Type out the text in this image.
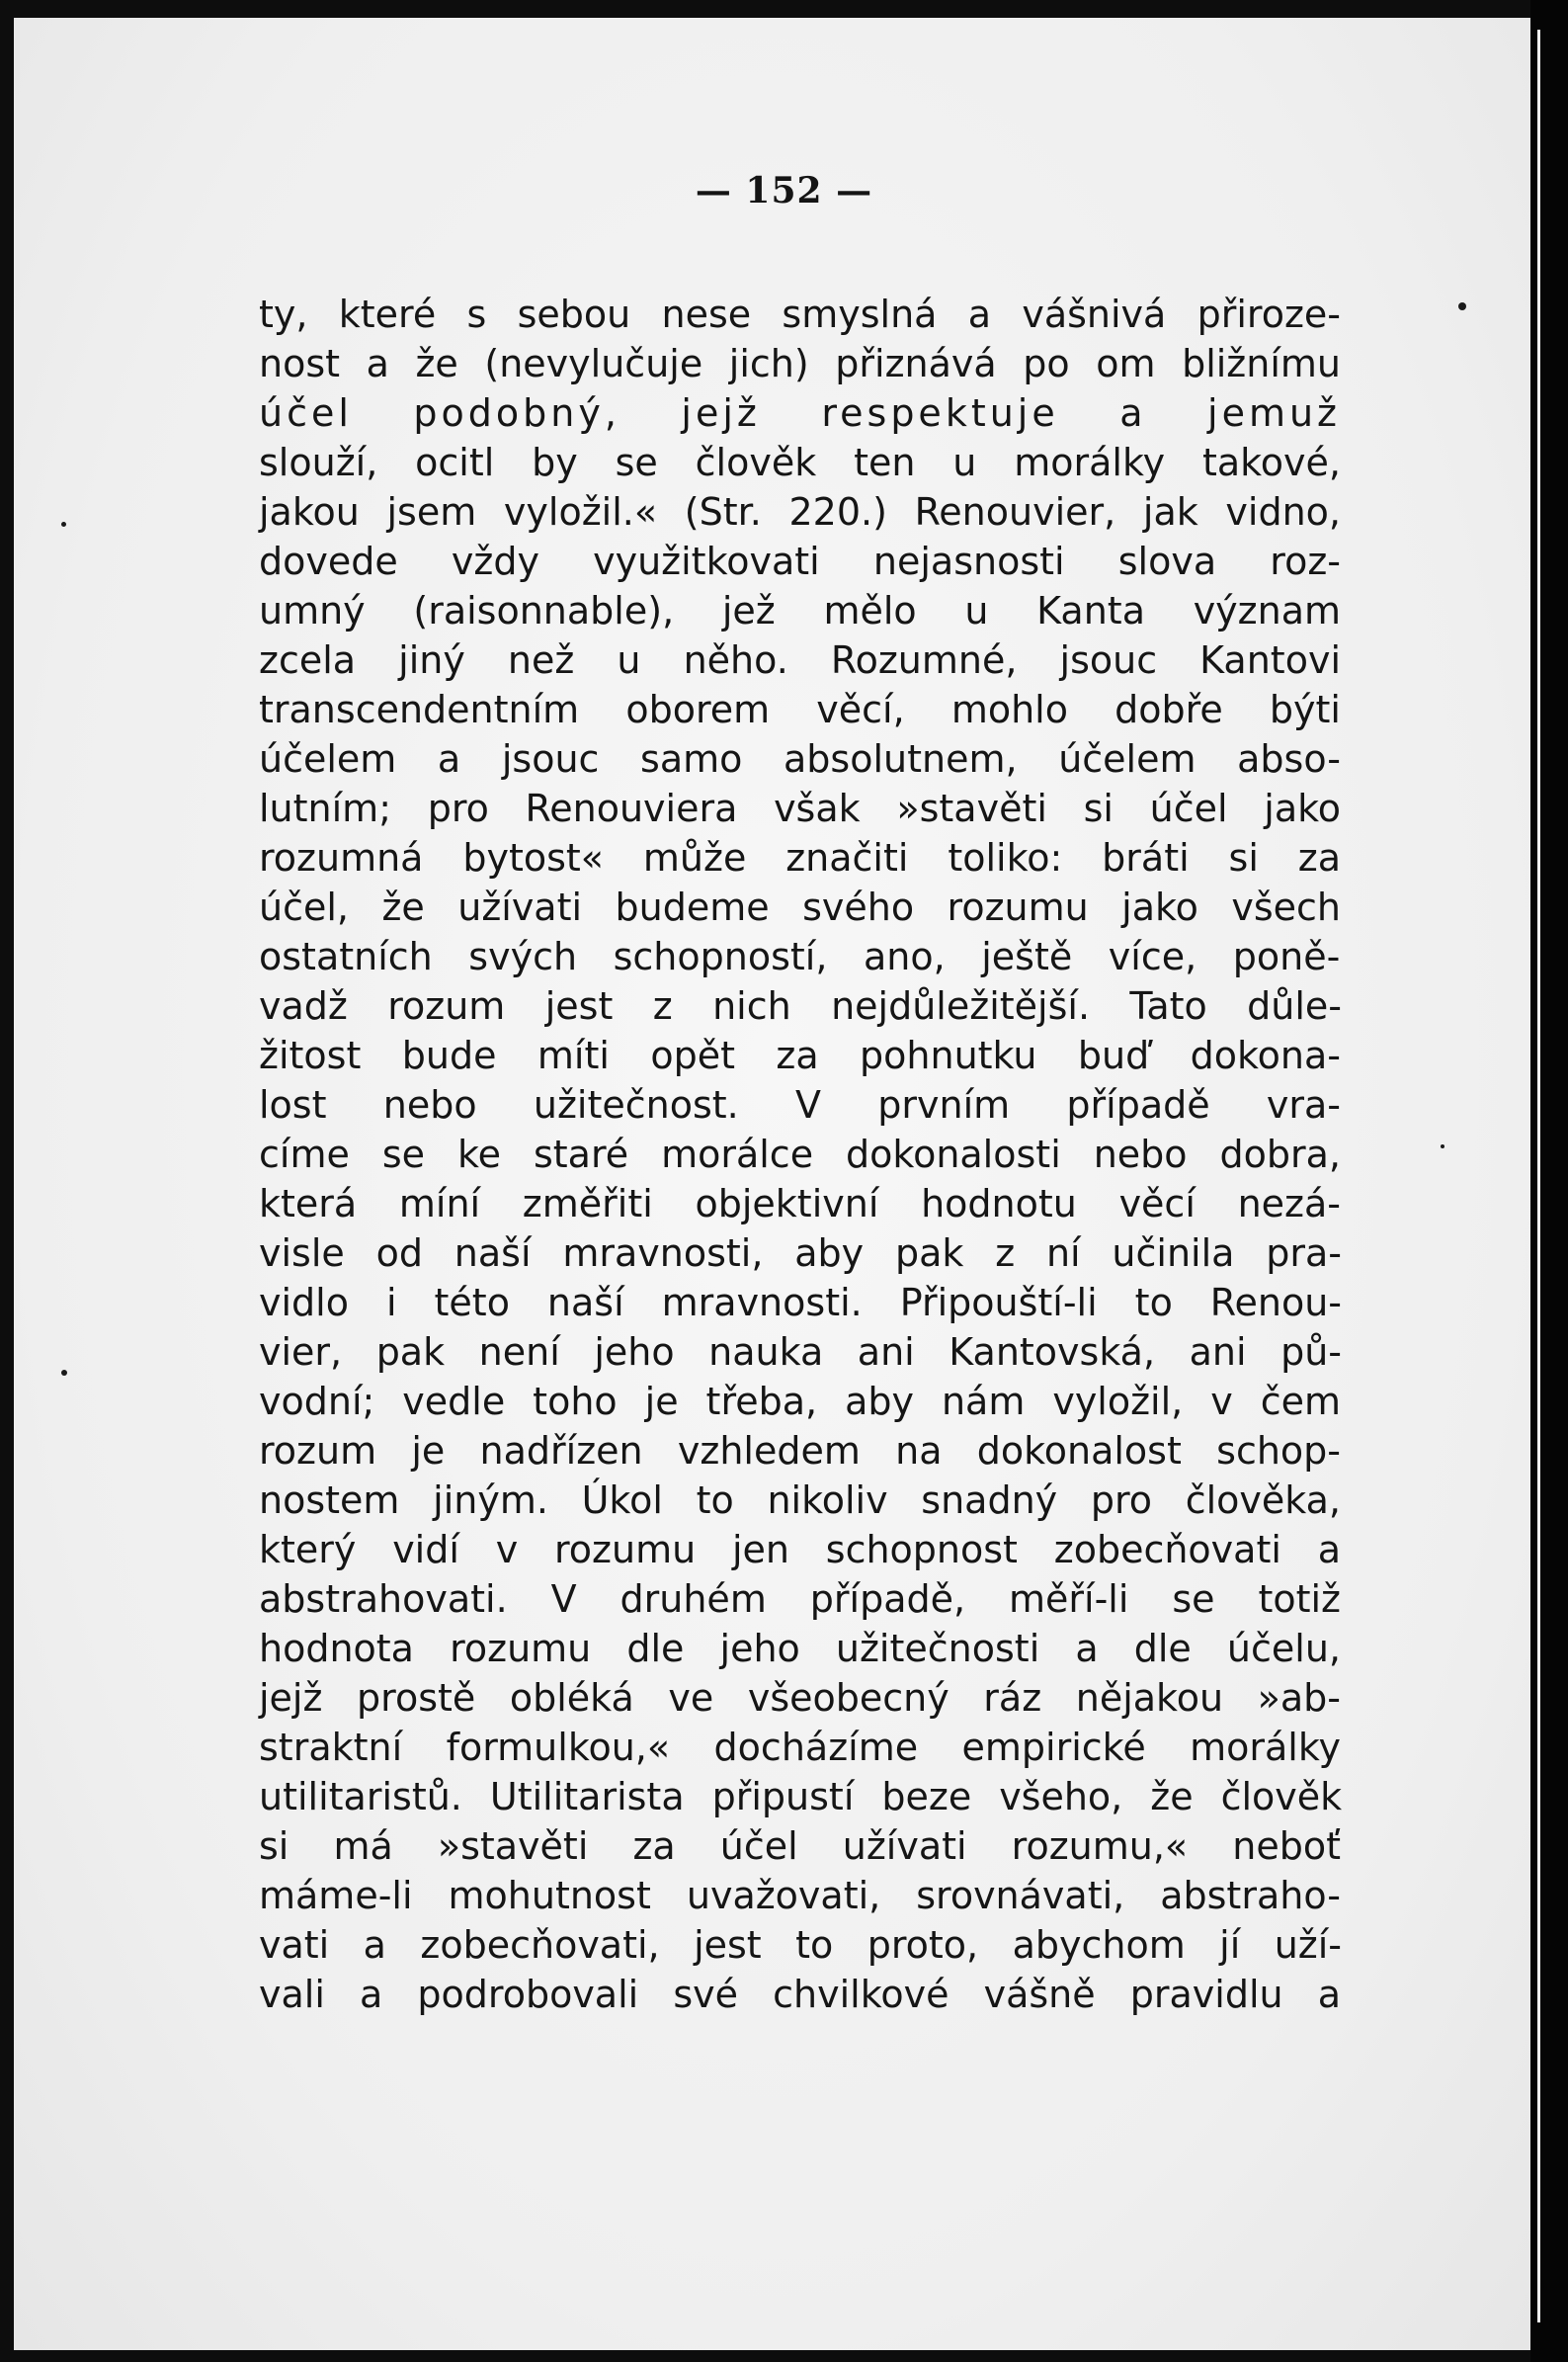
— 152 —
ty, které s sebou nese smyslná a vášnivá přiroze-
nost a že (nevylučuje jich) přiznává po om bližnímu
účel podobný, jejž respektuje a jemuž
slouží, ocitl by se člověk ten u morálky takové,
jakou jsem vyložil.« (Str. 220.) Renouvier, jak vidno,
dovede vždy využitkovati nejasnosti slova roz-
umný (raisonnable), jež mělo u Kanta význam
zcela jiný než u něho. Rozumné, jsouc Kantovi
transcendentním oborem věcí, mohlo dobře býti
účelem a jsouc samo absolutnem, účelem abso-
lutním; pro Renouviera však »stavěti si účel jako
rozumná bytost« může značiti toliko: bráti si za
účel, že užívati budeme svého rozumu jako všech
ostatních svých schopností, ano, ještě více, poně-
vadž rozum jest z nich nejdůležitější. Tato důle-
žitost bude míti opět za pohnutku buď dokona-
lost nebo užitečnost. V prvním případě vra-
címe se ke staré morálce dokonalosti nebo dobra,
která míní změřiti objektivní hodnotu věcí nezá-
visle od naší mravnosti, aby pak z ní učinila pra-
vidlo i této naší mravnosti. Připouští-li to Renou-
vier, pak není jeho nauka ani Kantovská, ani pů-
vodní; vedle toho je třeba, aby nám vyložil, v čem
rozum je nadřízen vzhledem na dokonalost schop-
nostem jiným. Úkol to nikoliv snadný pro člověka,
který vidí v rozumu jen schopnost zobecňovati a
abstrahovati. V druhém případě, měří-li se totiž
hodnota rozumu dle jeho užitečnosti a dle účelu,
jejž prostě obléká ve všeobecný ráz nějakou »ab-
straktní formulkou,« docházíme empirické morálky
utilitaristů. Utilitarista připustí beze všeho, že člověk
si má »stavěti za účel užívati rozumu,« neboť
máme-li mohutnost uvažovati, srovnávati, abstraho-
vati a zobecňovati, jest to proto, abychom jí uží-
vali a podrobovali své chvilkové vášně pravidlu a
